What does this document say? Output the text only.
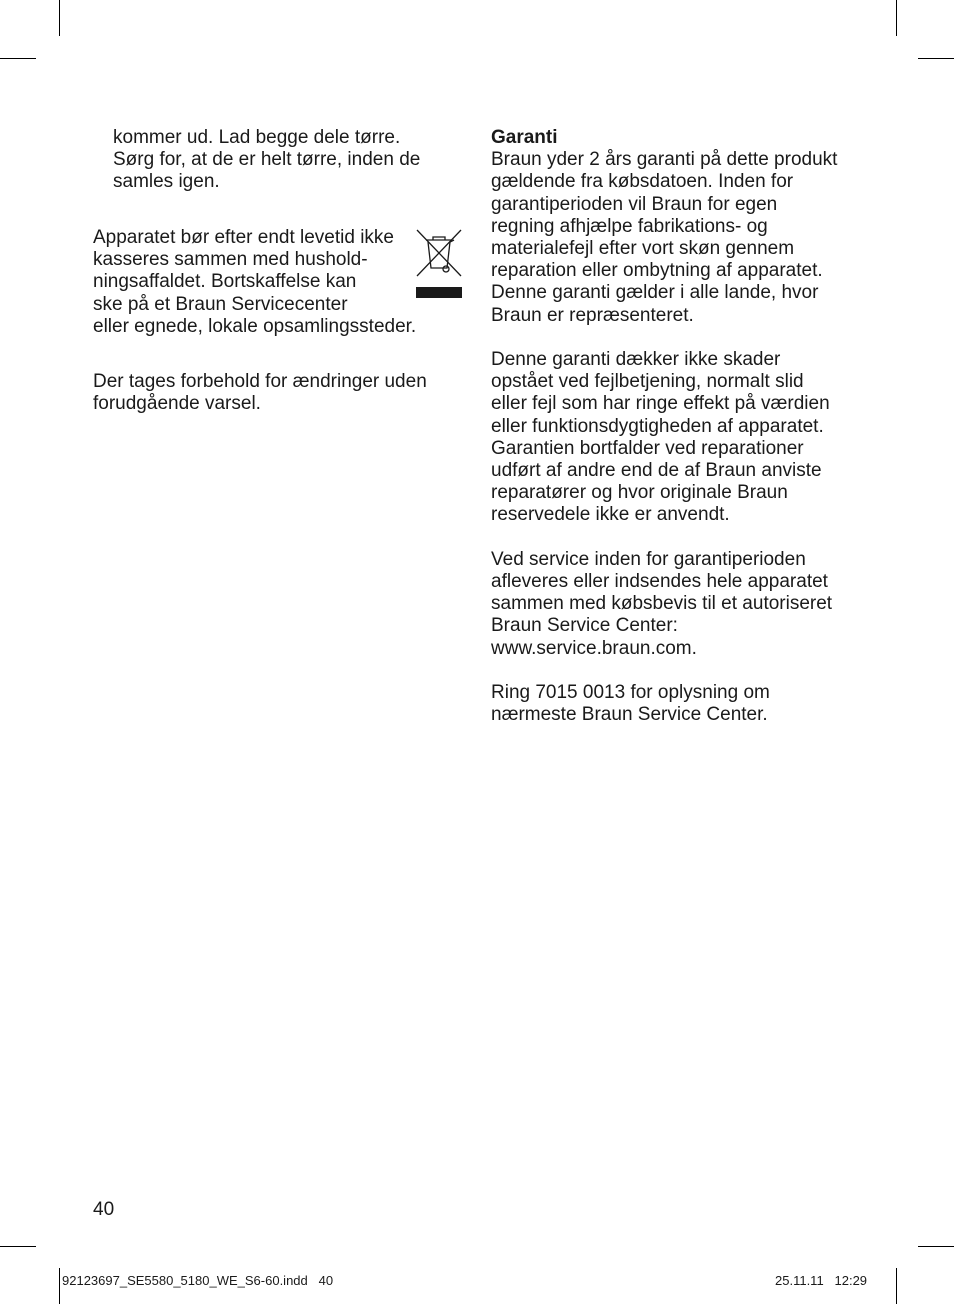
kommer ud. Lad begge dele tørre.
Sørg for, at de er helt tørre, inden de
samles igen.
Apparatet bør efter endt levetid ikke
kasseres sammen med hushold-
ningsaffaldet. Bortskaffelse kan
ske på et Braun Servicecenter
eller egnede, lokale opsamlingssteder.
Der tages forbehold for ændringer uden
forudgående varsel.
Garanti

Braun yder 2 års garanti på dette produkt
gældende fra købsdatoen. Inden for
garantiperioden vil Braun for egen
regning afhjælpe fabrikations- og
materialefejl efter vort skøn gennem
reparation eller ombytning af apparatet.
Denne garanti gælder i alle lande, hvor
Braun er repræsenteret.

Denne garanti dækker ikke skader
opstået ved fejlbetjening, normalt slid
eller fejl som har ringe effekt på værdien
eller funktionsdygtigheden af apparatet.
Garantien bortfalder ved reparationer
udført af andre end de af Braun anviste
reparatører og hvor originale Braun
reservedele ikke er anvendt.

Ved service inden for garantiperioden
afleveres eller indsendes hele apparatet
sammen med købsbevis til et autoriseret
Braun Service Center:
www.service.braun.com.

Ring 7015 0013 for oplysning om
nærmeste Braun Service Center.

40
92123697_SE5580_5180_WE_S6-60.indd   40	25.11.11   12:29
